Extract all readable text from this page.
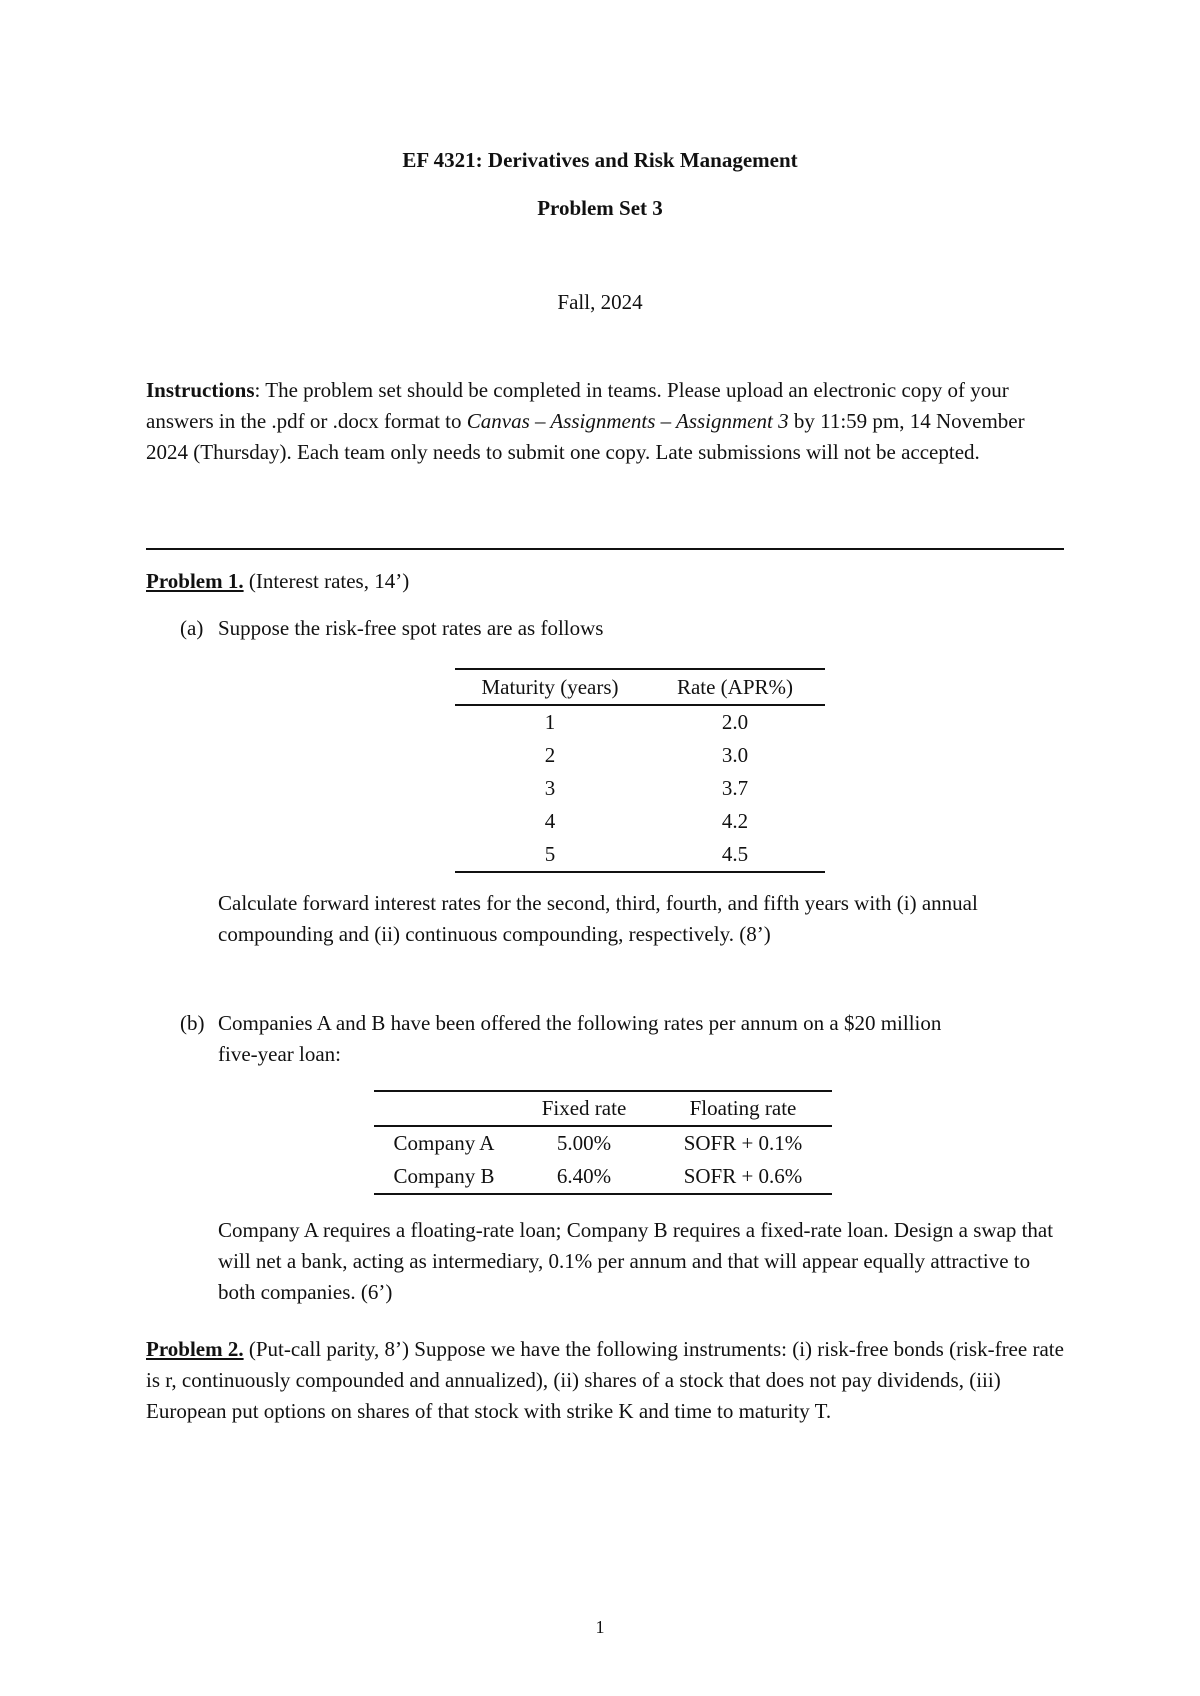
EF 4321: Derivatives and Risk Management
Problem Set 3
Fall, 2024
Instructions: The problem set should be completed in teams. Please upload an electronic copy of your answers in the .pdf or .docx format to Canvas – Assignments – Assignment 3 by 11:59 pm, 14 November 2024 (Thursday). Each team only needs to submit one copy. Late submissions will not be accepted.
Problem 1. (Interest rates, 14’)
(a) Suppose the risk-free spot rates are as follows
Maturity (years)	Rate (APR%)
1	2.0
2	3.0
3	3.7
4	4.2
5	4.5
Calculate forward interest rates for the second, third, fourth, and fifth years with (i) annual compounding and (ii) continuous compounding, respectively. (8’)
(b) Companies A and B have been offered the following rates per annum on a $20 million
five-year loan:
	Fixed rate	Floating rate
Company A	5.00%	SOFR + 0.1%
Company B	6.40%	SOFR + 0.6%
Company A requires a floating-rate loan; Company B requires a fixed-rate loan. Design a swap that will net a bank, acting as intermediary, 0.1% per annum and that will appear equally attractive to both companies. (6’)
Problem 2. (Put-call parity, 8’) Suppose we have the following instruments: (i) risk-free bonds (risk-free rate is r, continuously compounded and annualized), (ii) shares of a stock that does not pay dividends, (iii) European put options on shares of that stock with strike K and time to maturity T.
1
